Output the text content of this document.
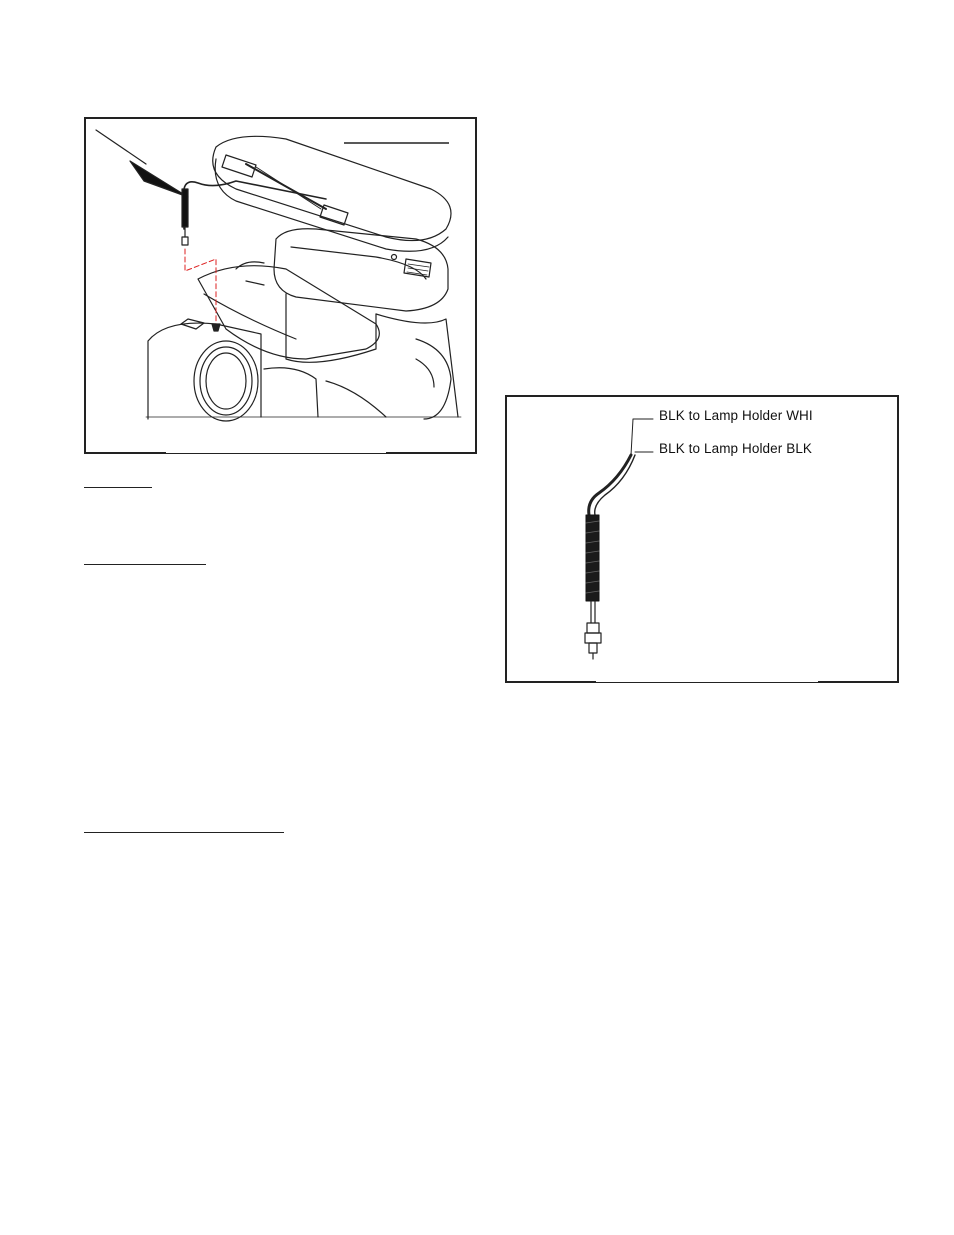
BLK to Lamp Holder WHI
BLK to Lamp Holder BLK
